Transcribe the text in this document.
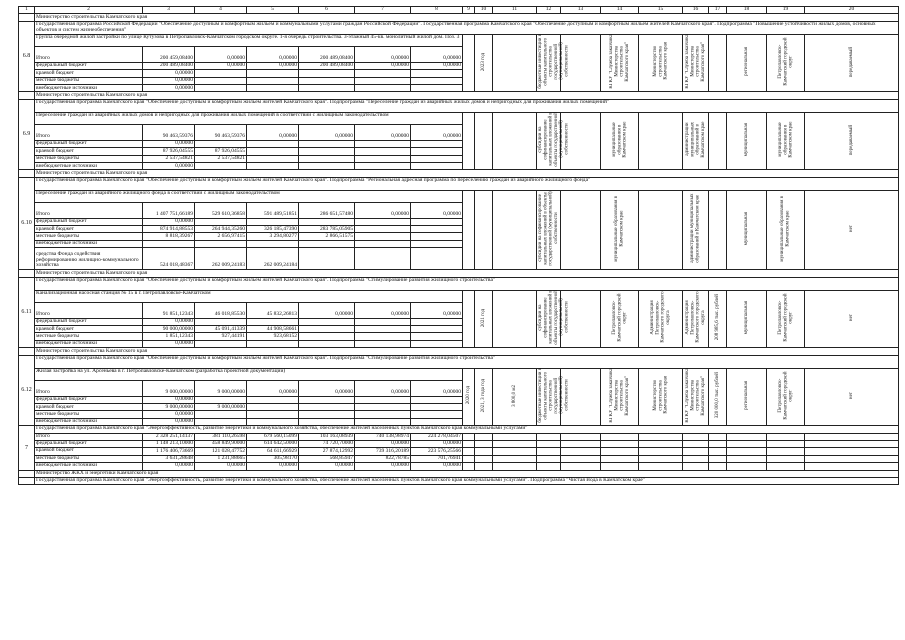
1	2	3	4	5	6	7	8	9	10	11	12	13	14	15	16	17	18	19	20
	Министерство строительства Камчатского края																		
6.8	Государственная программа Российской Федерации "Обеспечение доступным и комфортным жильем и коммунальными услугами граждан Российской Федерации". Государственная программа Камчатского края "Обеспечение доступным и комфортным жильем жителей Камчатского края". Подпрограмма "Повышение устойчивости жилых домов, основных объектов и систем жизнеобеспечения"																		
	Группа очередной жилой застройки по улице Кутузова в Петропавловск-Камчатском городском округе. 1-я очередь строительства. 3-этажный 45-кв. монолитный жилой дом. Поз. 3								2023 год		бюджетные инвестиции в объекты капитального строительства государственной (муниципальной) собственности		КГКУ "Служба заказчика Министерства строительства Камчатского края"	Министерство строительства Камчатского края	КГКУ "Служба заказчика Министерства строительства Камчатского края"		региональная	Петропавловск-Камчатский городской округ	передаваемый
	Итого	200 459,08400	0,00000	0,00000	200 489,08400	0,00000	0,00000												
	федеральный бюджет	200 489,08400	0,00000	0,00000	200 489,08400	0,00000	0,00000												
	краевой бюджет	0,00000																	
	местные бюджеты	0,00000																	
	внебюджетные источники	0,00000																	
	Министерство строительства Камчатского края																		
6.9	Государственная программа Камчатского края "Обеспечение доступным и комфортным жильем жителей Камчатского края". Подпрограмма "Переселение граждан из аварийных жилых домов и непригодных для проживания жилых помещений"																		
	Переселение граждан из аварийных жилых домов и непригодных для проживания жилых помещений в соответствии с жилищным законодательством										субсидии на софинансирование капитальных вложений в объекты государственной (муниципальной) собственности		муниципальные образования в Камчатском крае		администрации муниципальных образований в Камчатском крае		муниципальная	муниципальные образования в Камчатском крае	передаваемый
	Итого	90 463,59376	90 463,59376	0,00000	0,00000	0,00000	0,00000												
	федеральный бюджет	0,00000																	
	краевой бюджет	87 926,04555	87 926,04555																
	местные бюджеты	2 537,54821	2 537,54821																
	внебюджетные источники	0,00000																	
	Министерство строительства Камчатского края																		
6.10	Государственная программа Камчатского края "Обеспечение доступным и комфортным жильем жителей Камчатского края". Подпрограмма "Региональная адресная программа по переселению граждан из аварийного жилищного фонда"																		
	Переселение граждан из аварийного жилищного фонда в соответствии с жилищным законодательством										субсидии на софинансирование капитальных вложений в объекты государственной (муниципальной) собственности		муниципальные образования в Камчатском крае		администрации муниципальных образований в Камчатском крае		муниципальная	муниципальные образования в Камчатском крае	нет
	Итого	1 407 751,66189	529 610,36858	591 489,51851	286 651,57480	0,00000	0,00000												
	федеральный бюджет	0,00000																	
	краевой бюджет	874 914,88553	264 944,35260	326 185,47390	283 785,05905														
	местные бюджеты	8 818,39267	2 656,97415	3 294,80277	2 866,51575														
	внебюджетные источники																		
	средства Фонда содействия реформированию жилищно-коммунального хозяйства	524 018,48367	262 009,24183	262 009,24184															
	Министерство строительства Камчатского края																		
6.11	Государственная программа Камчатского края "Обеспечение доступным и комфортным жильем жителей Камчатского края". Подпрограмма "Стимулирование развития жилищного строительства"																		
	Канализационная насосная станция № 15 в г. Петропавловске-Камчатском								2021 год		субсидии на софинансирование капитальных вложений в объекты государственной (муниципальной) собственности		Петропавловск-Камчатский городской округ	Администрация Петропавловск-Камчатского городского округа	Администрация Петропавловск-Камчатского городского округа	208 985,6 тыс. рублей	муниципальная	Петропавловск-Камчатский городской округ	нет
	Итого	91 851,12343	46 018,85530	45 832,26813	0,00000	0,00000	0,00000												
	федеральный бюджет	0,00000																	
	краевой бюджет	90 000,00000	45 091,41339	44 908,58661															
	местные бюджеты	1 851,12343	927,44191	923,68152															
	внебюджетные источники	0,00000																	
	Министерство строительства Камчатского края																		
6.12	Государственная программа Камчатского края "Обеспечение доступным и комфортным жильем жителей Камчатского края". Подпрограмма "Стимулирование развития жилищного строительства"																		
	Жилая застройка на ул. Арсеньева в г. Петропавловске-Камчатском (разработка проектной документации)							2020 год	2021, 3 года год	3 800,0 м2	бюджетные инвестиции в объекты капитального строительства государственной (муниципальной) собственности		КГКУ "Служба заказчика Министерства строительства Камчатского края"	Министерство строительства Камчатского края	КГКУ "Служба заказчика Министерства строительства Камчатского края"	320 000,0 тыс. рублей	региональная	Петропавловск-Камчатский городской округ	нет
	Итого	9 000,00000	9 000,00000	0,00000	0,00000	0,00000	0,00000												
	федеральный бюджет	0,00000																	
	краевой бюджет	9 000,00000	9 000,00000																
	местные бюджеты	0,00000																	
	внебюджетные источники	0,00000																	
7	Государственная программа Камчатского края "Энергоэффективность, развитие энергетики и коммунального хозяйства, обеспечение жителей населенных пунктов Камчатского края коммунальными услугами"																		
	Итого	2 328 251,14137	381 110,26598	679 560,15099	103 163,08939	740 138,98974	224 278,04507												
	федеральный бюджет	1 148 213,10000	458 849,90000	614 642,50000	74 720,70000	0,00000	0,00000												
	краевой бюджет	1 176 406,73669	121 028,47752	64 611,66929	27 874,12992	739 316,20189	223 576,25566												
	местные бюджеты	3 631,28648	1 231,88665	305,98170	568,85947	822,78785	701,76941												
	внебюджетные источники	0,00000	0,00000	0,00000	0,00000	0,00000	0,00000												
	Министерство ЖКХ и энергетики Камчатского края																		
	Государственная программа Камчатского края "Энергоэффективность, развитие энергетики и коммунального хозяйства, обеспечение жителей населенных пунктов Камчатского края коммунальными услугами". Подпрограмма "Чистая Вода в Камчатском крае"																		
